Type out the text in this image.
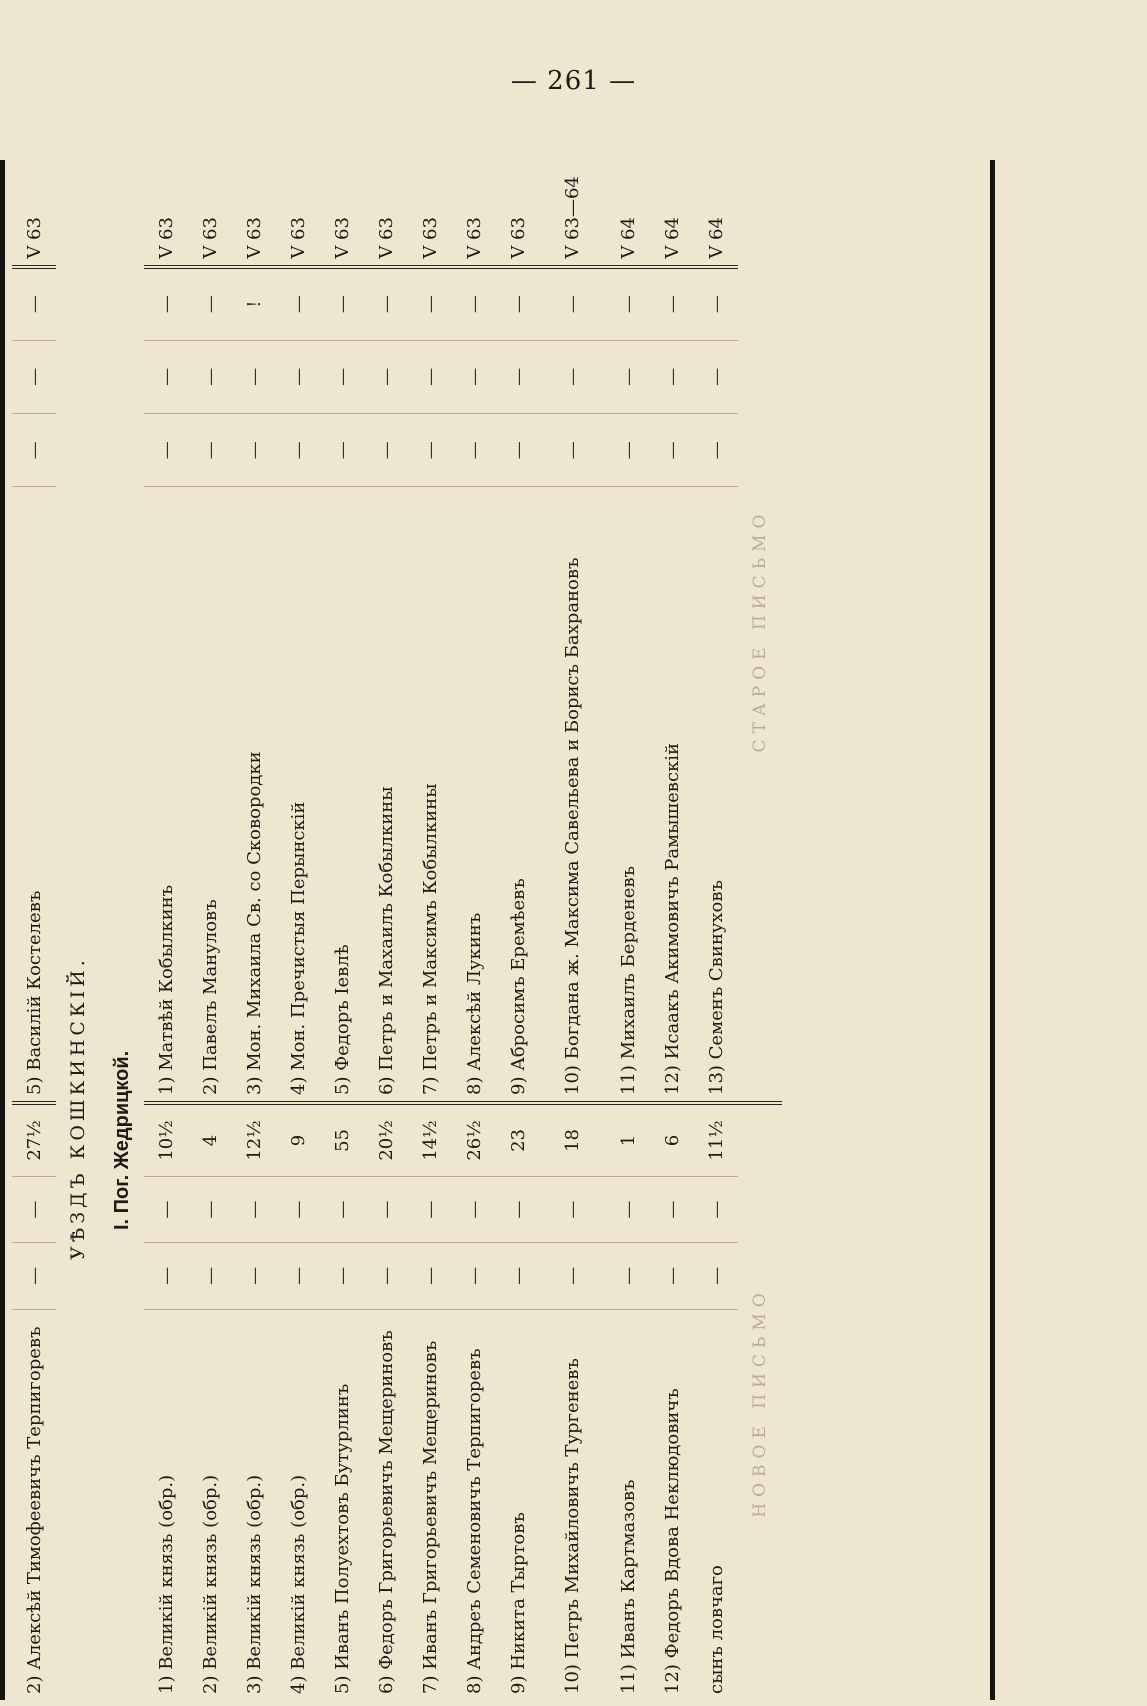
— 261 —
2) Алексѣй Тимофеевичъ Терпигоревъ	—	—	27½	5) Василій Костелевъ	—	—	—	V 63
УѢЗДЪ КОШКИНСКІЙ.								
I. Пог. Жедрицкой.								
1) Великій князь (обр.)	—	—	10½	1) Матвѣй Кобылкинъ	—	—	—	V 63
2) Великій князь (обр.)	—	—	4	2) Павелъ Мануловъ	—	—	—	V 63
3) Великій князь (обр.)	—	—	12½	3) Мон. Михаила Св. со Сковородки	—	—	!	V 63
4) Великій князь (обр.)	—	—	9	4) Мон. Пречистыя Перынскій	—	—	—	V 63
5) Иванъ Полуехтовъ Бутурлинъ	—	—	55	5) Федоръ Іевлѣ	—	—	—	V 63
6) Федоръ Григорьевичъ Мещериновъ	—	—	20½	6) Петръ и Махаилъ Кобылкины	—	—	—	V 63
7) Иванъ Григорьевичъ Мещериновъ	—	—	14½	7) Петръ и Максимъ Кобылкины	—	—	—	V 63
8) Андреъ Семеновичъ Терпигоревъ	—	—	26½	8) Алексѣй Лукинъ	—	—	—	V 63
9) Никита Тыртовъ	—	—	23	9) Абросимъ Еремѣевъ	—	—	—	V 63
10) Петръ Михайловичъ Тургеневъ	—	—	18	10) Богдана ж. Максима Савельева и Борисъ Бахрановъ	—	—	—	V 63—64
11) Иванъ Картмазовъ	—	—	1	11) Михаилъ Берденевъ	—	—	—	V 64
12) Федоръ Вдова Неклюдовичъ	—	—	6	12) Исаакъ Акимовичъ Рамышевскій	—	—	—	V 64
сынъ ловчаго	—	—	11½	13) Семенъ Свинуховъ	—	—	—	V 64
НОВОЕ ПИСЬМО				СТАРОЕ ПИСЬМО				
